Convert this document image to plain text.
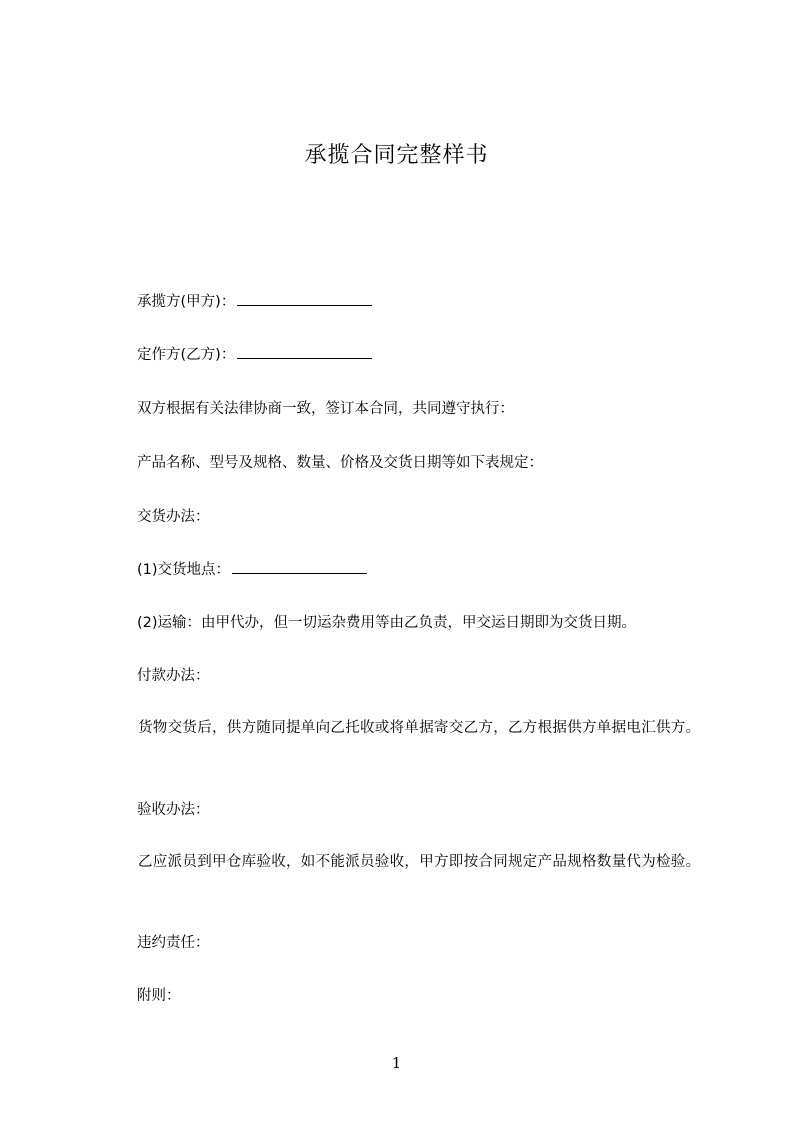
承揽合同完整样书
承揽方(甲方)：
定作方(乙方)：
双方根据有关法律协商一致，签订本合同，共同遵守执行：
产品名称、型号及规格、数量、价格及交货日期等如下表规定：
交货办法：
(1)交货地点：
(2)运输：由甲代办，但一切运杂费用等由乙负责，甲交运日期即为交货日期。
付款办法：
货物交货后，供方随同提单向乙托收或将单据寄交乙方，乙方根据供方单据电汇供方。
验收办法：
乙应派员到甲仓库验收，如不能派员验收，甲方即按合同规定产品规格数量代为检验。
违约责任：
附则：
1
